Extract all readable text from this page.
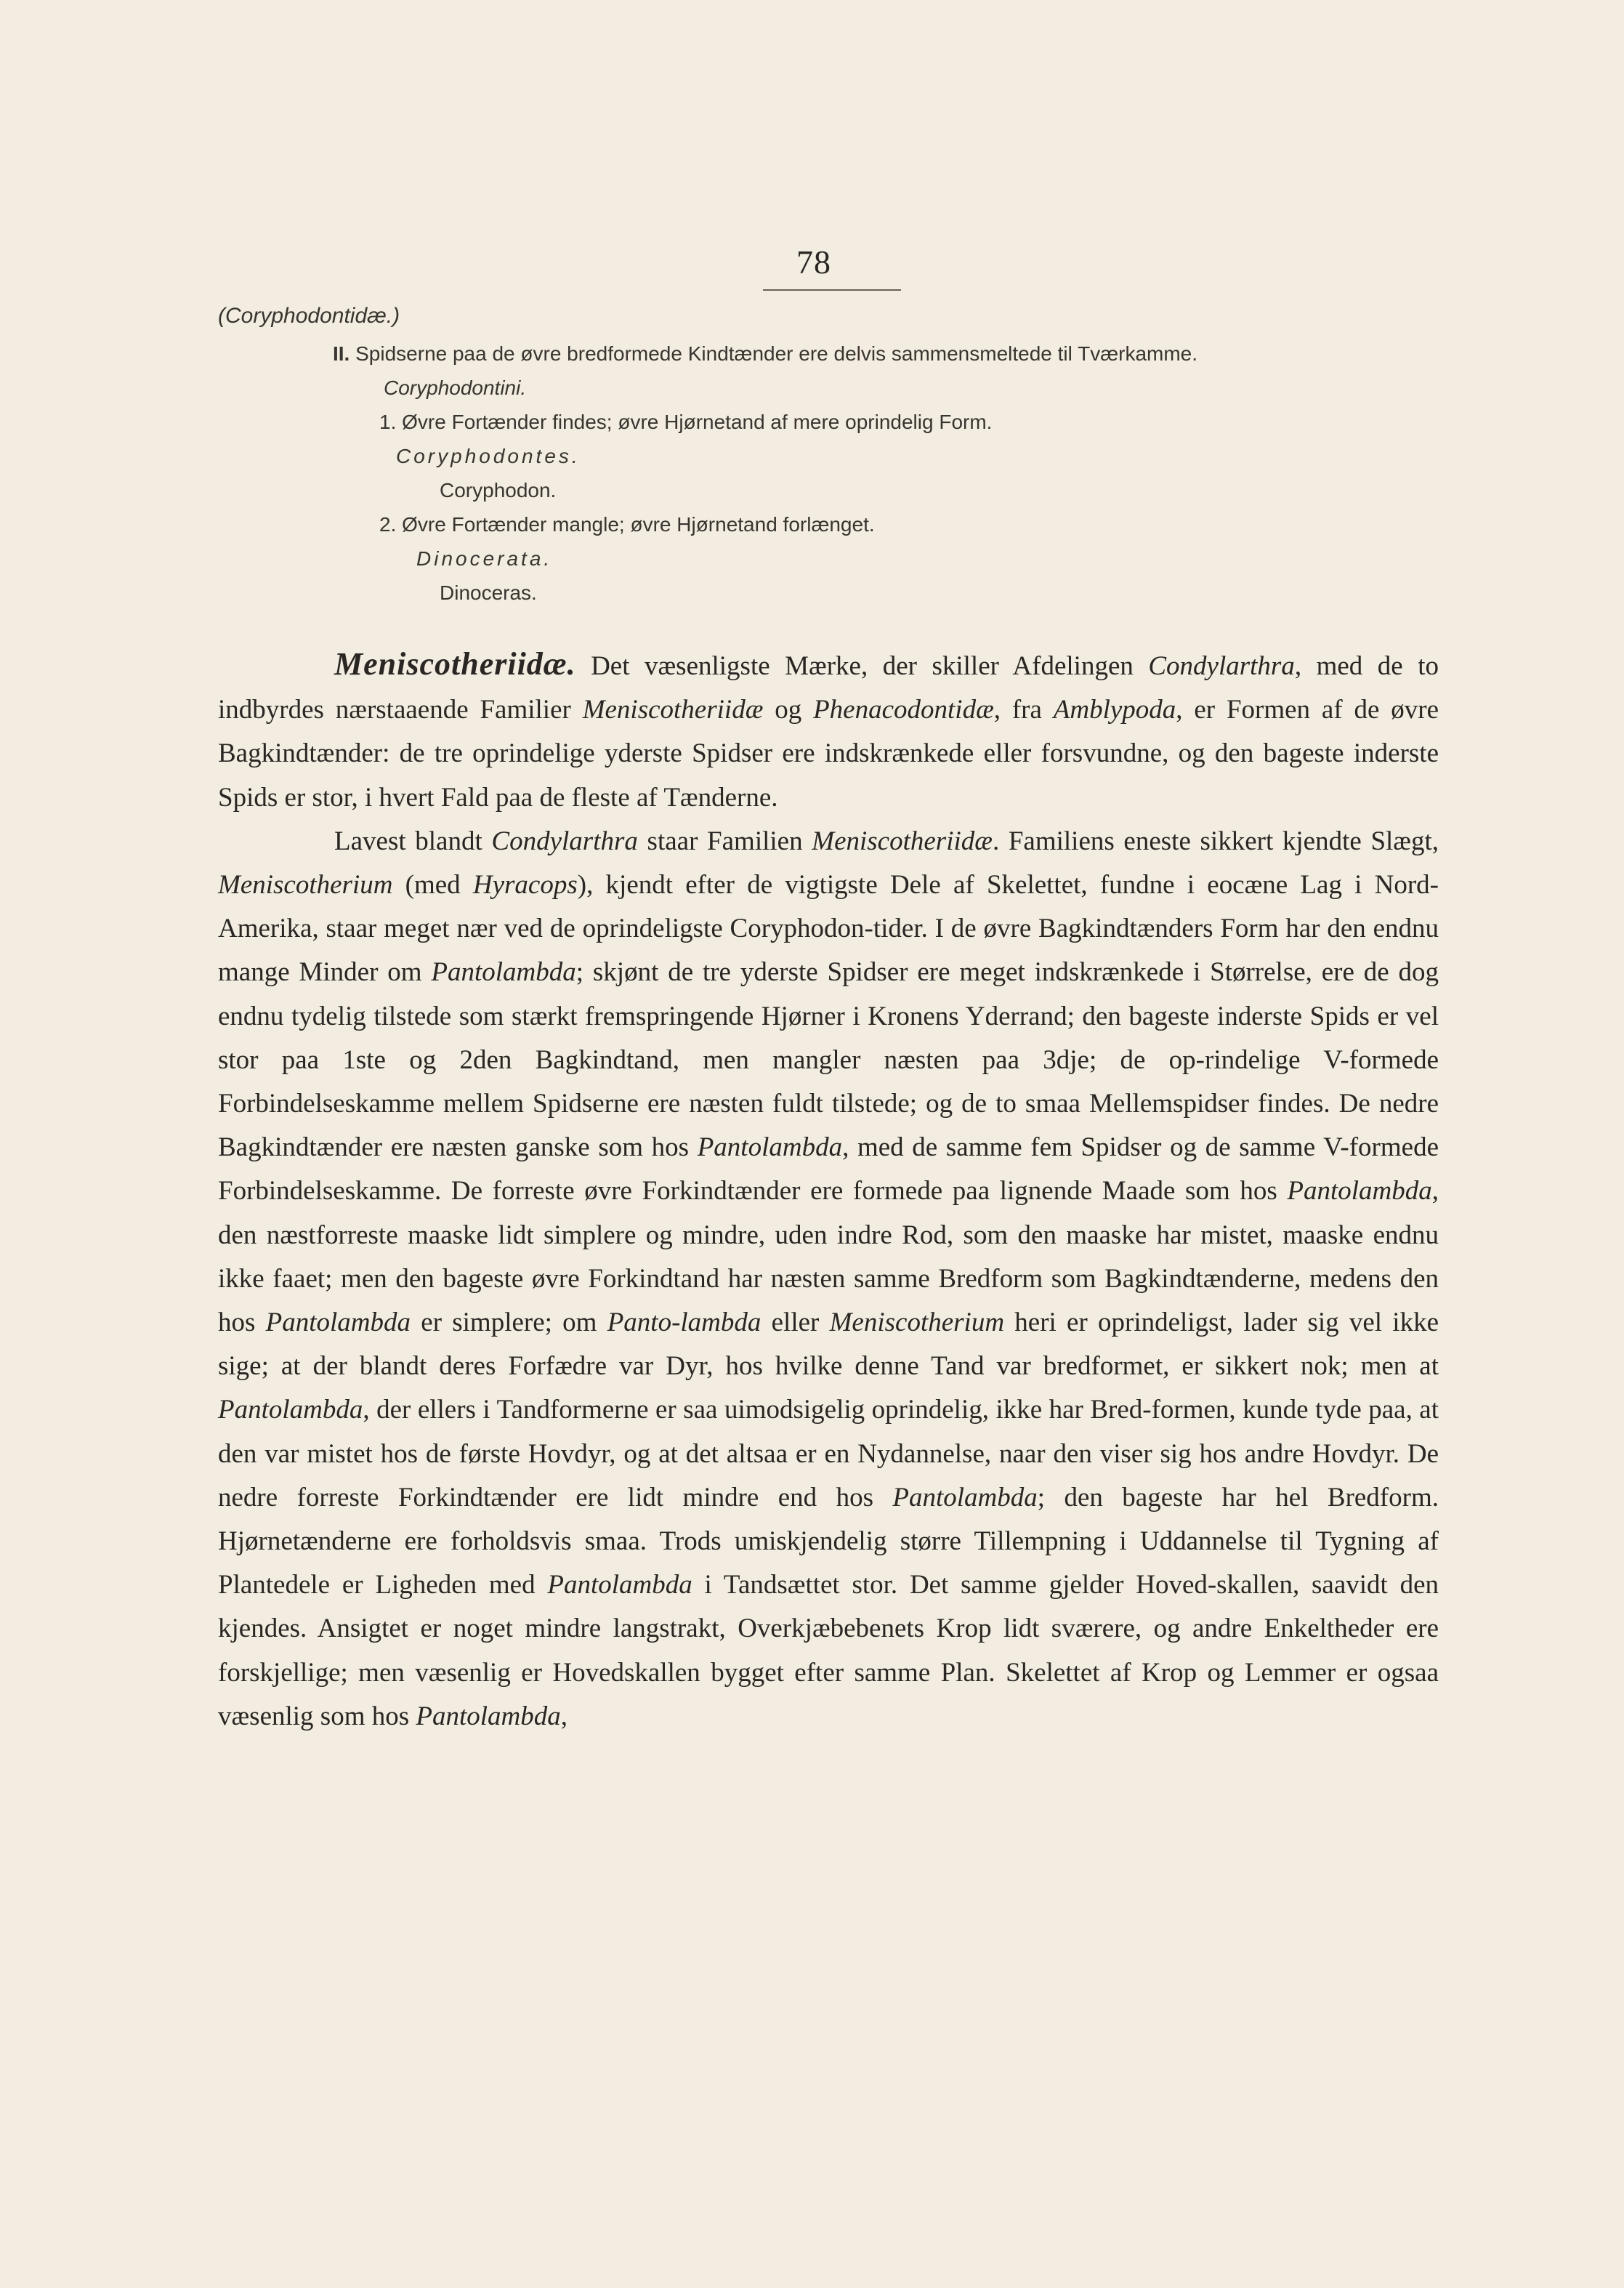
78
(Coryphodontidæ.)
II. Spidserne paa de øvre bredformede Kindtænder ere delvis sammensmeltede til Tværkamme.
Coryphodontini.
1. Øvre Fortænder findes; øvre Hjørnetand af mere oprindelig Form.
Coryphodontes.
Coryphodon.
2. Øvre Fortænder mangle; øvre Hjørnetand forlænget.
Dinocerata.
Dinoceras.

Meniscotheriidæ. Det væsenligste Mærke, der skiller Afdelingen Condylarthra, med de to indbyrdes nærstaaende Familier Meniscotheriidæ og Phenacodontidæ, fra Amblypoda, er Formen af de øvre Bagkindtænder: de tre oprindelige yderste Spidser ere indskrænkede eller forsvundne, og den bageste inderste Spids er stor, i hvert Fald paa de fleste af Tænderne.

Lavest blandt Condylarthra staar Familien Meniscotheriidæ. Familiens eneste sikkert kjendte Slægt, Meniscotherium (med Hyracops), kjendt efter de vigtigste Dele af Skelettet, fundne i eocæne Lag i Nord-Amerika, staar meget nær ved de oprindeligste Coryphodon-tider. I de øvre Bagkindtænders Form har den endnu mange Minder om Pantolambda; skjønt de tre yderste Spidser ere meget indskrænkede i Størrelse, ere de dog endnu tydelig tilstede som stærkt fremspringende Hjørner i Kronens Yderrand; den bageste inderste Spids er vel stor paa 1ste og 2den Bagkindtand, men mangler næsten paa 3dje; de op-rindelige V-formede Forbindelseskamme mellem Spidserne ere næsten fuldt tilstede; og de to smaa Mellemspidser findes. De nedre Bagkindtænder ere næsten ganske som hos Pantolambda, med de samme fem Spidser og de samme V-formede Forbindelseskamme. De forreste øvre Forkindtænder ere formede paa lignende Maade som hos Pantolambda, den næstforreste maaske lidt simplere og mindre, uden indre Rod, som den maaske har mistet, maaske endnu ikke faaet; men den bageste øvre Forkindtand har næsten samme Bredform som Bagkindtænderne, medens den hos Pantolambda er simplere; om Panto-lambda eller Meniscotherium heri er oprindeligst, lader sig vel ikke sige; at der blandt deres Forfædre var Dyr, hos hvilke denne Tand var bredformet, er sikkert nok; men at Pantolambda, der ellers i Tandformerne er saa uimodsigelig oprindelig, ikke har Bred-formen, kunde tyde paa, at den var mistet hos de første Hovdyr, og at det altsaa er en Nydannelse, naar den viser sig hos andre Hovdyr. De nedre forreste Forkindtænder ere lidt mindre end hos Pantolambda; den bageste har hel Bredform. Hjørnetænderne ere forholdsvis smaa. Trods umiskjendelig større Tillempning i Uddannelse til Tygning af Plantedele er Ligheden med Pantolambda i Tandsættet stor. Det samme gjelder Hoved-skallen, saavidt den kjendes. Ansigtet er noget mindre langstrakt, Overkjæbebenets Krop lidt sværere, og andre Enkeltheder ere forskjellige; men væsenlig er Hovedskallen bygget efter samme Plan. Skelettet af Krop og Lemmer er ogsaa væsenlig som hos Pantolambda,
